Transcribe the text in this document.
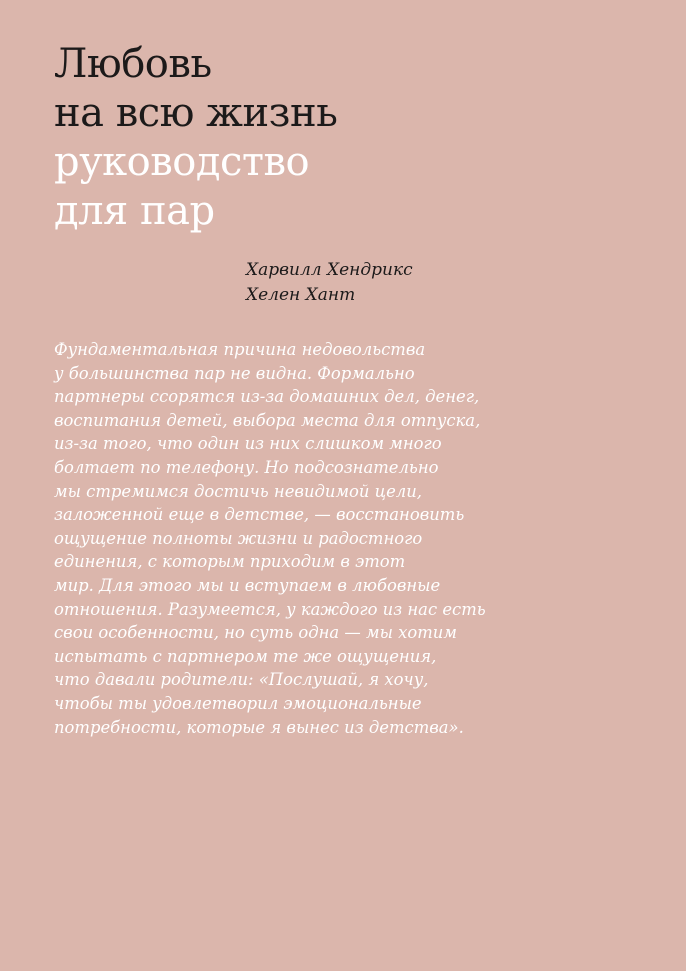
Любовь
на всю жизнь
руководство
для пар
Харвилл Хендрикс
Хелен Хант
Фундаментальная причина недовольства
у большинства пар не видна. Формально
партнеры ссорятся из-за домашних дел, денег,
воспитания детей, выбора места для отпуска,
из-за того, что один из них слишком много
болтает по телефону. Но подсознательно
мы стремимся достичь невидимой цели,
заложенной еще в детстве, — восстановить
ощущение полноты жизни и радостного
единения, с которым приходим в этот
мир. Для этого мы и вступаем в любовные
отношения. Разумеется, у каждого из нас есть
свои особенности, но суть одна — мы хотим
испытать с партнером те же ощущения,
что давали родители: «Послушай, я хочу,
чтобы ты удовлетворил эмоциональные
потребности, которые я вынес из детства».
